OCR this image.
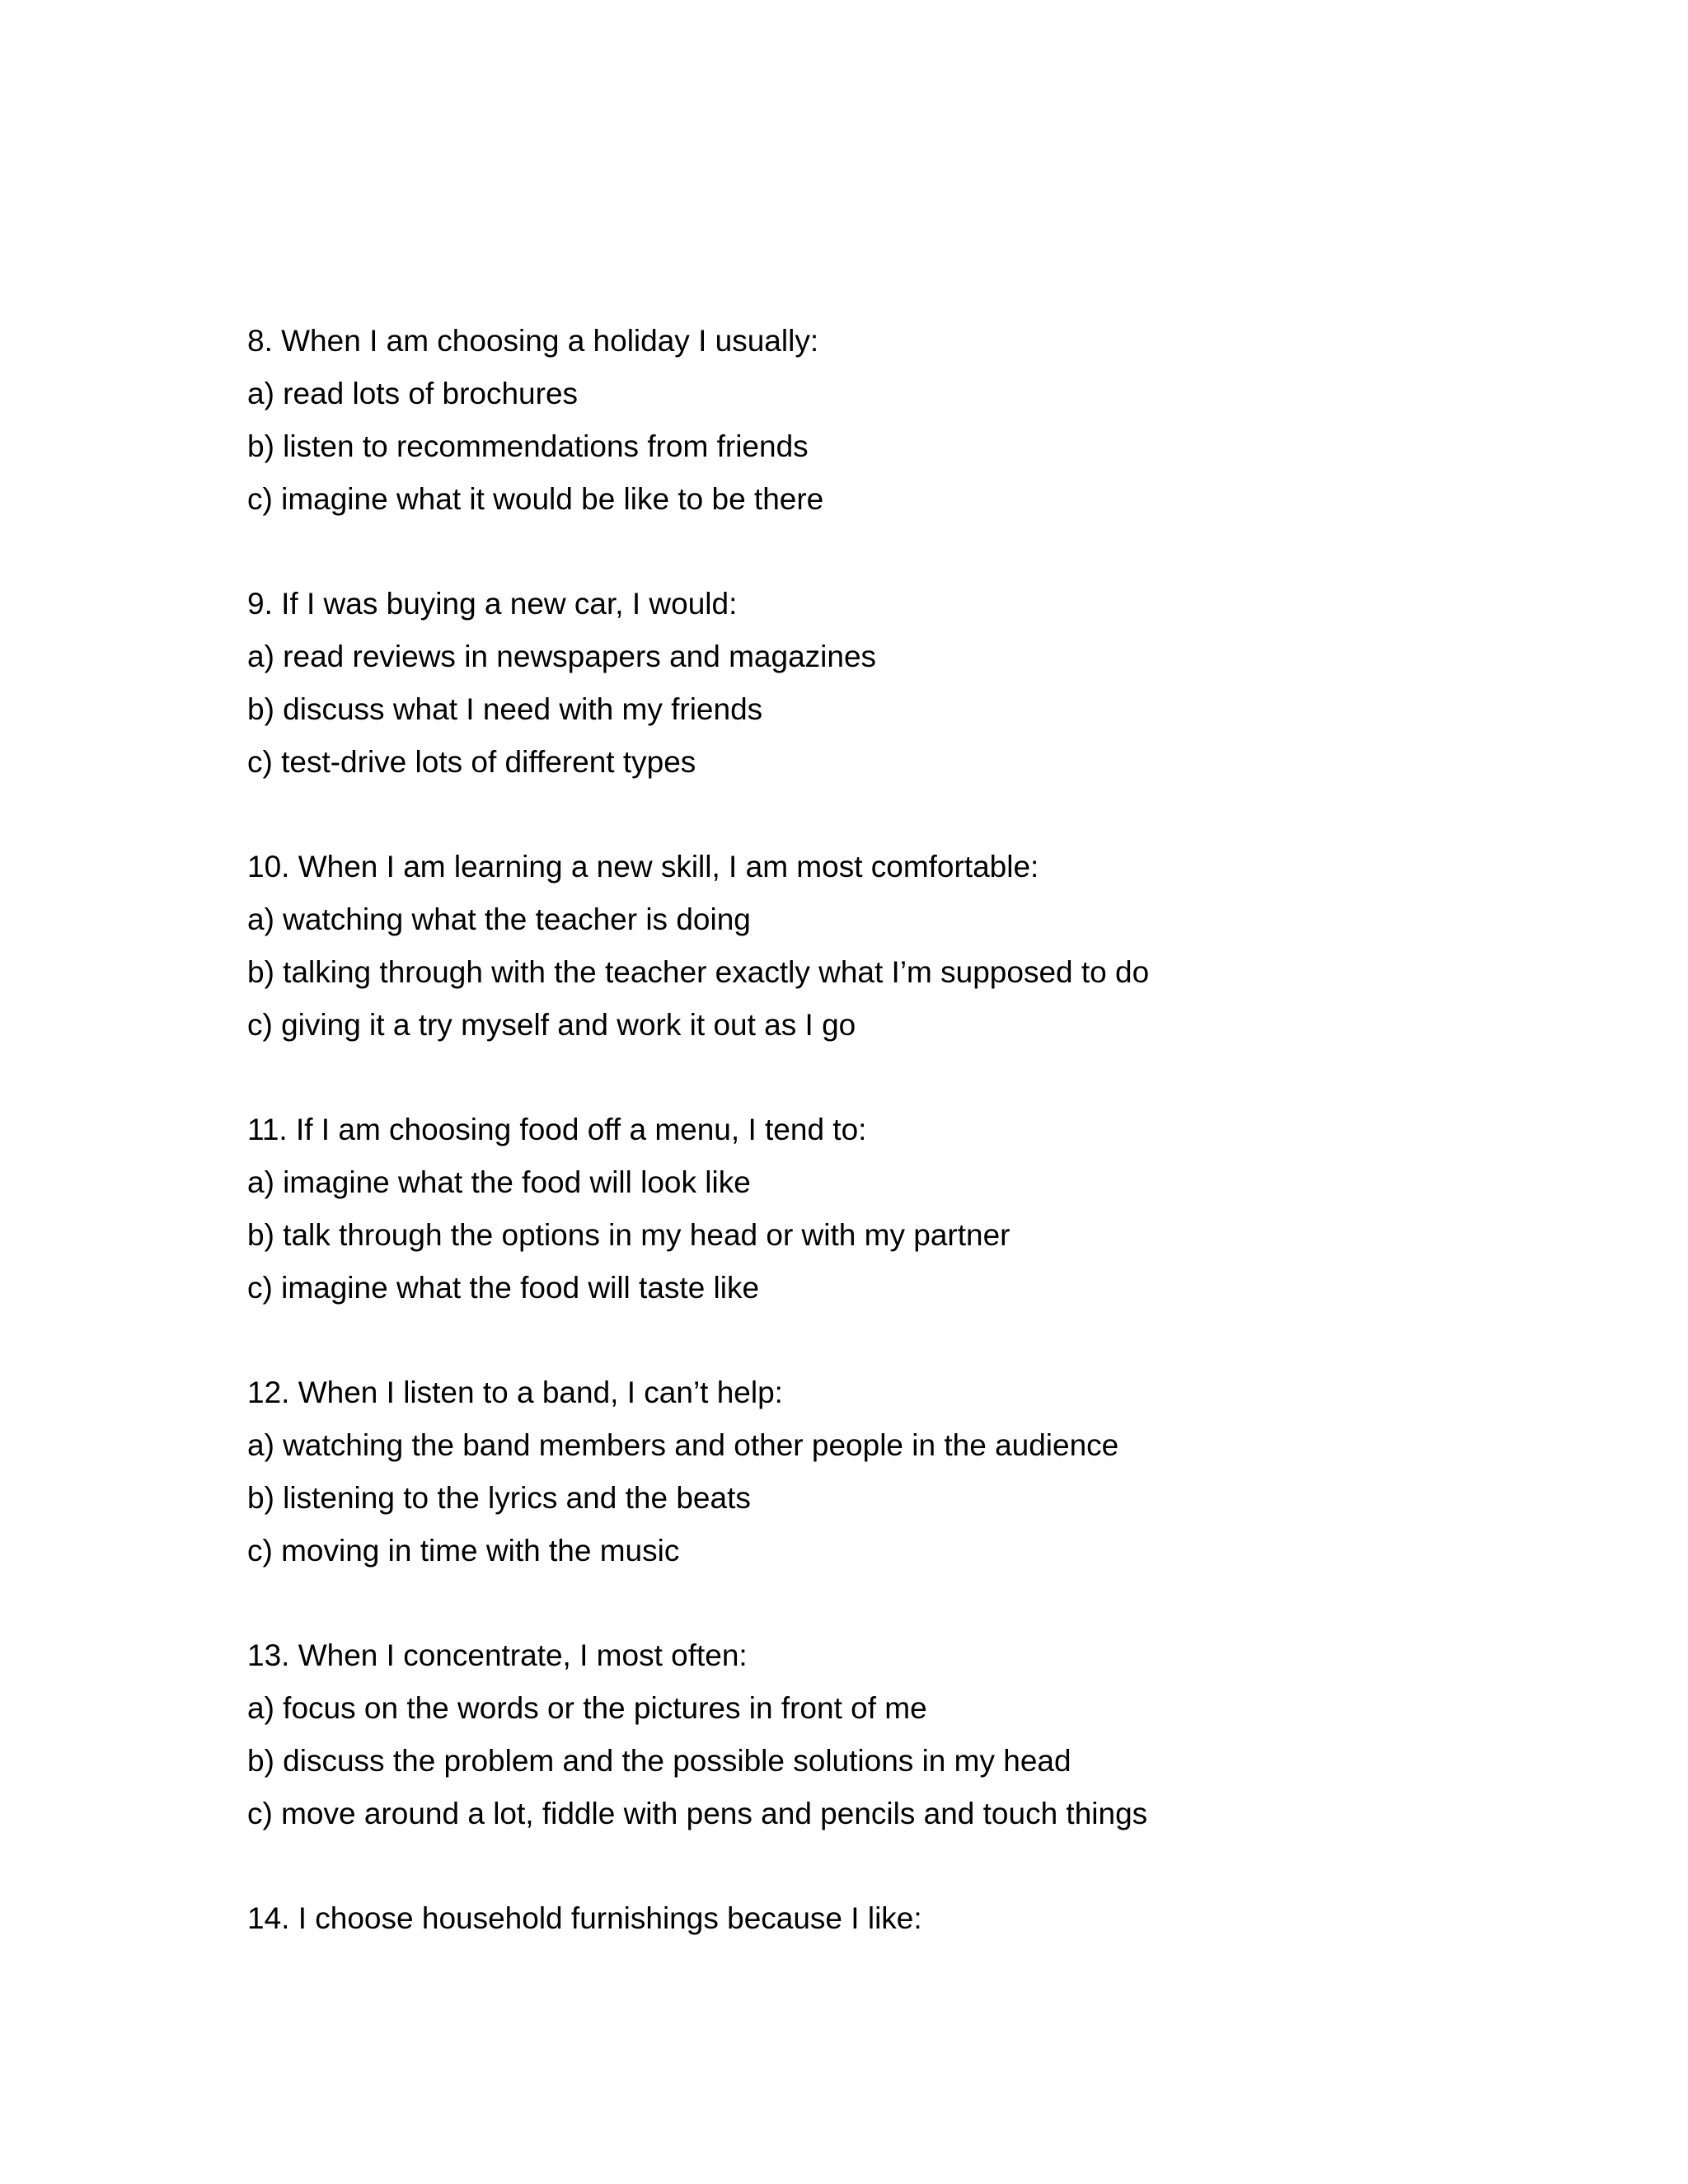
8. When I am choosing a holiday I usually:

a) read lots of brochures

b) listen to recommendations from friends

c) imagine what it would be like to be there

9. If I was buying a new car, I would:

a) read reviews in newspapers and magazines

b) discuss what I need with my friends

c) test-drive lots of different types

10. When I am learning a new skill, I am most comfortable:

a) watching what the teacher is doing

b) talking through with the teacher exactly what I’m supposed to do

c) giving it a try myself and work it out as I go

11. If I am choosing food off a menu, I tend to:

a) imagine what the food will look like

b) talk through the options in my head or with my partner

c) imagine what the food will taste like

12. When I listen to a band, I can’t help:

a) watching the band members and other people in the audience

b) listening to the lyrics and the beats

c) moving in time with the music

13. When I concentrate, I most often:

a) focus on the words or the pictures in front of me

b) discuss the problem and the possible solutions in my head

c) move around a lot, fiddle with pens and pencils and touch things

14. I choose household furnishings because I like:
